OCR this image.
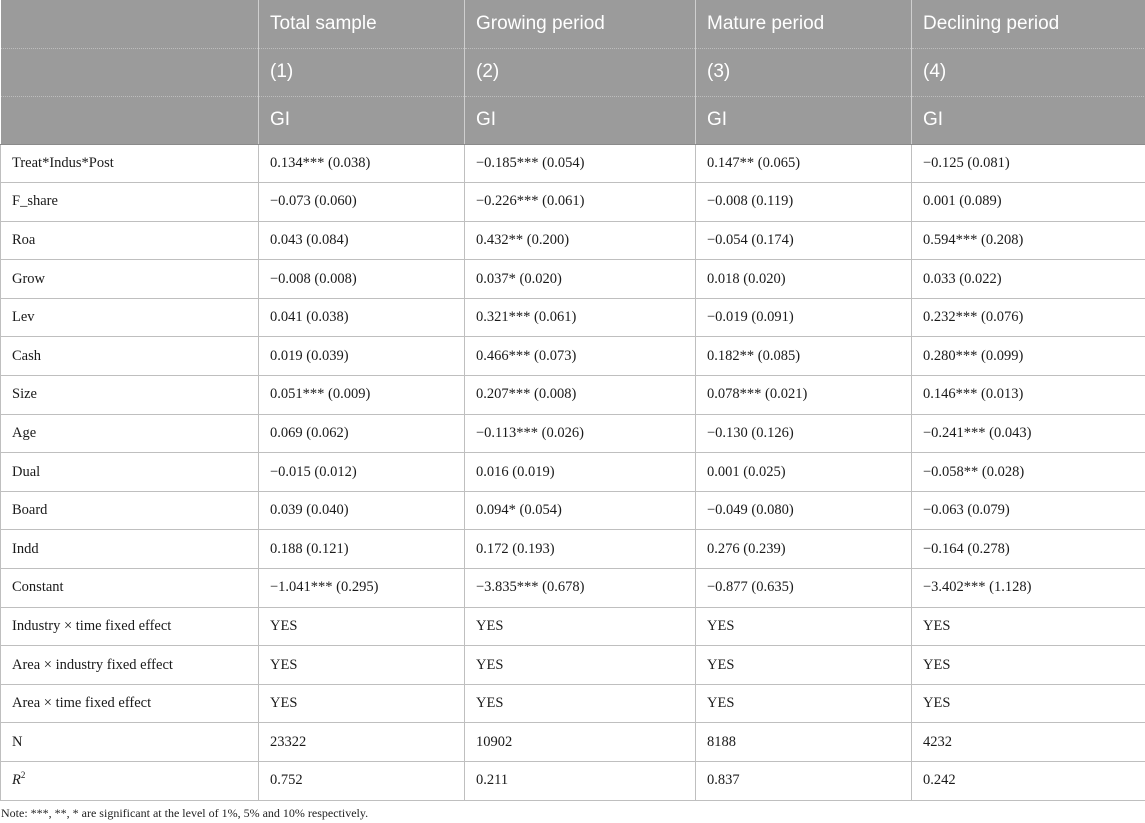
	Total sample	Growing period	Mature period	Declining period
	(1)	(2)	(3)	(4)
	GI	GI	GI	GI
Treat*Indus*Post	0.134*** (0.038)	−0.185*** (0.054)	0.147** (0.065)	−0.125 (0.081)
F_share	−0.073 (0.060)	−0.226*** (0.061)	−0.008 (0.119)	0.001 (0.089)
Roa	0.043 (0.084)	0.432** (0.200)	−0.054 (0.174)	0.594*** (0.208)
Grow	−0.008 (0.008)	0.037* (0.020)	0.018 (0.020)	0.033 (0.022)
Lev	0.041 (0.038)	0.321*** (0.061)	−0.019 (0.091)	0.232*** (0.076)
Cash	0.019 (0.039)	0.466*** (0.073)	0.182** (0.085)	0.280*** (0.099)
Size	0.051*** (0.009)	0.207*** (0.008)	0.078*** (0.021)	0.146*** (0.013)
Age	0.069 (0.062)	−0.113*** (0.026)	−0.130 (0.126)	−0.241*** (0.043)
Dual	−0.015 (0.012)	0.016 (0.019)	0.001 (0.025)	−0.058** (0.028)
Board	0.039 (0.040)	0.094* (0.054)	−0.049 (0.080)	−0.063 (0.079)
Indd	0.188 (0.121)	0.172 (0.193)	0.276 (0.239)	−0.164 (0.278)
Constant	−1.041*** (0.295)	−3.835*** (0.678)	−0.877 (0.635)	−3.402*** (1.128)
Industry × time fixed effect	YES	YES	YES	YES
Area × industry fixed effect	YES	YES	YES	YES
Area × time fixed effect	YES	YES	YES	YES
N	23322	10902	8188	4232
$R^2$	0.752	0.211	0.837	0.242
Note: ***, **, * are significant at the level of 1%, 5% and 10% respectively.
